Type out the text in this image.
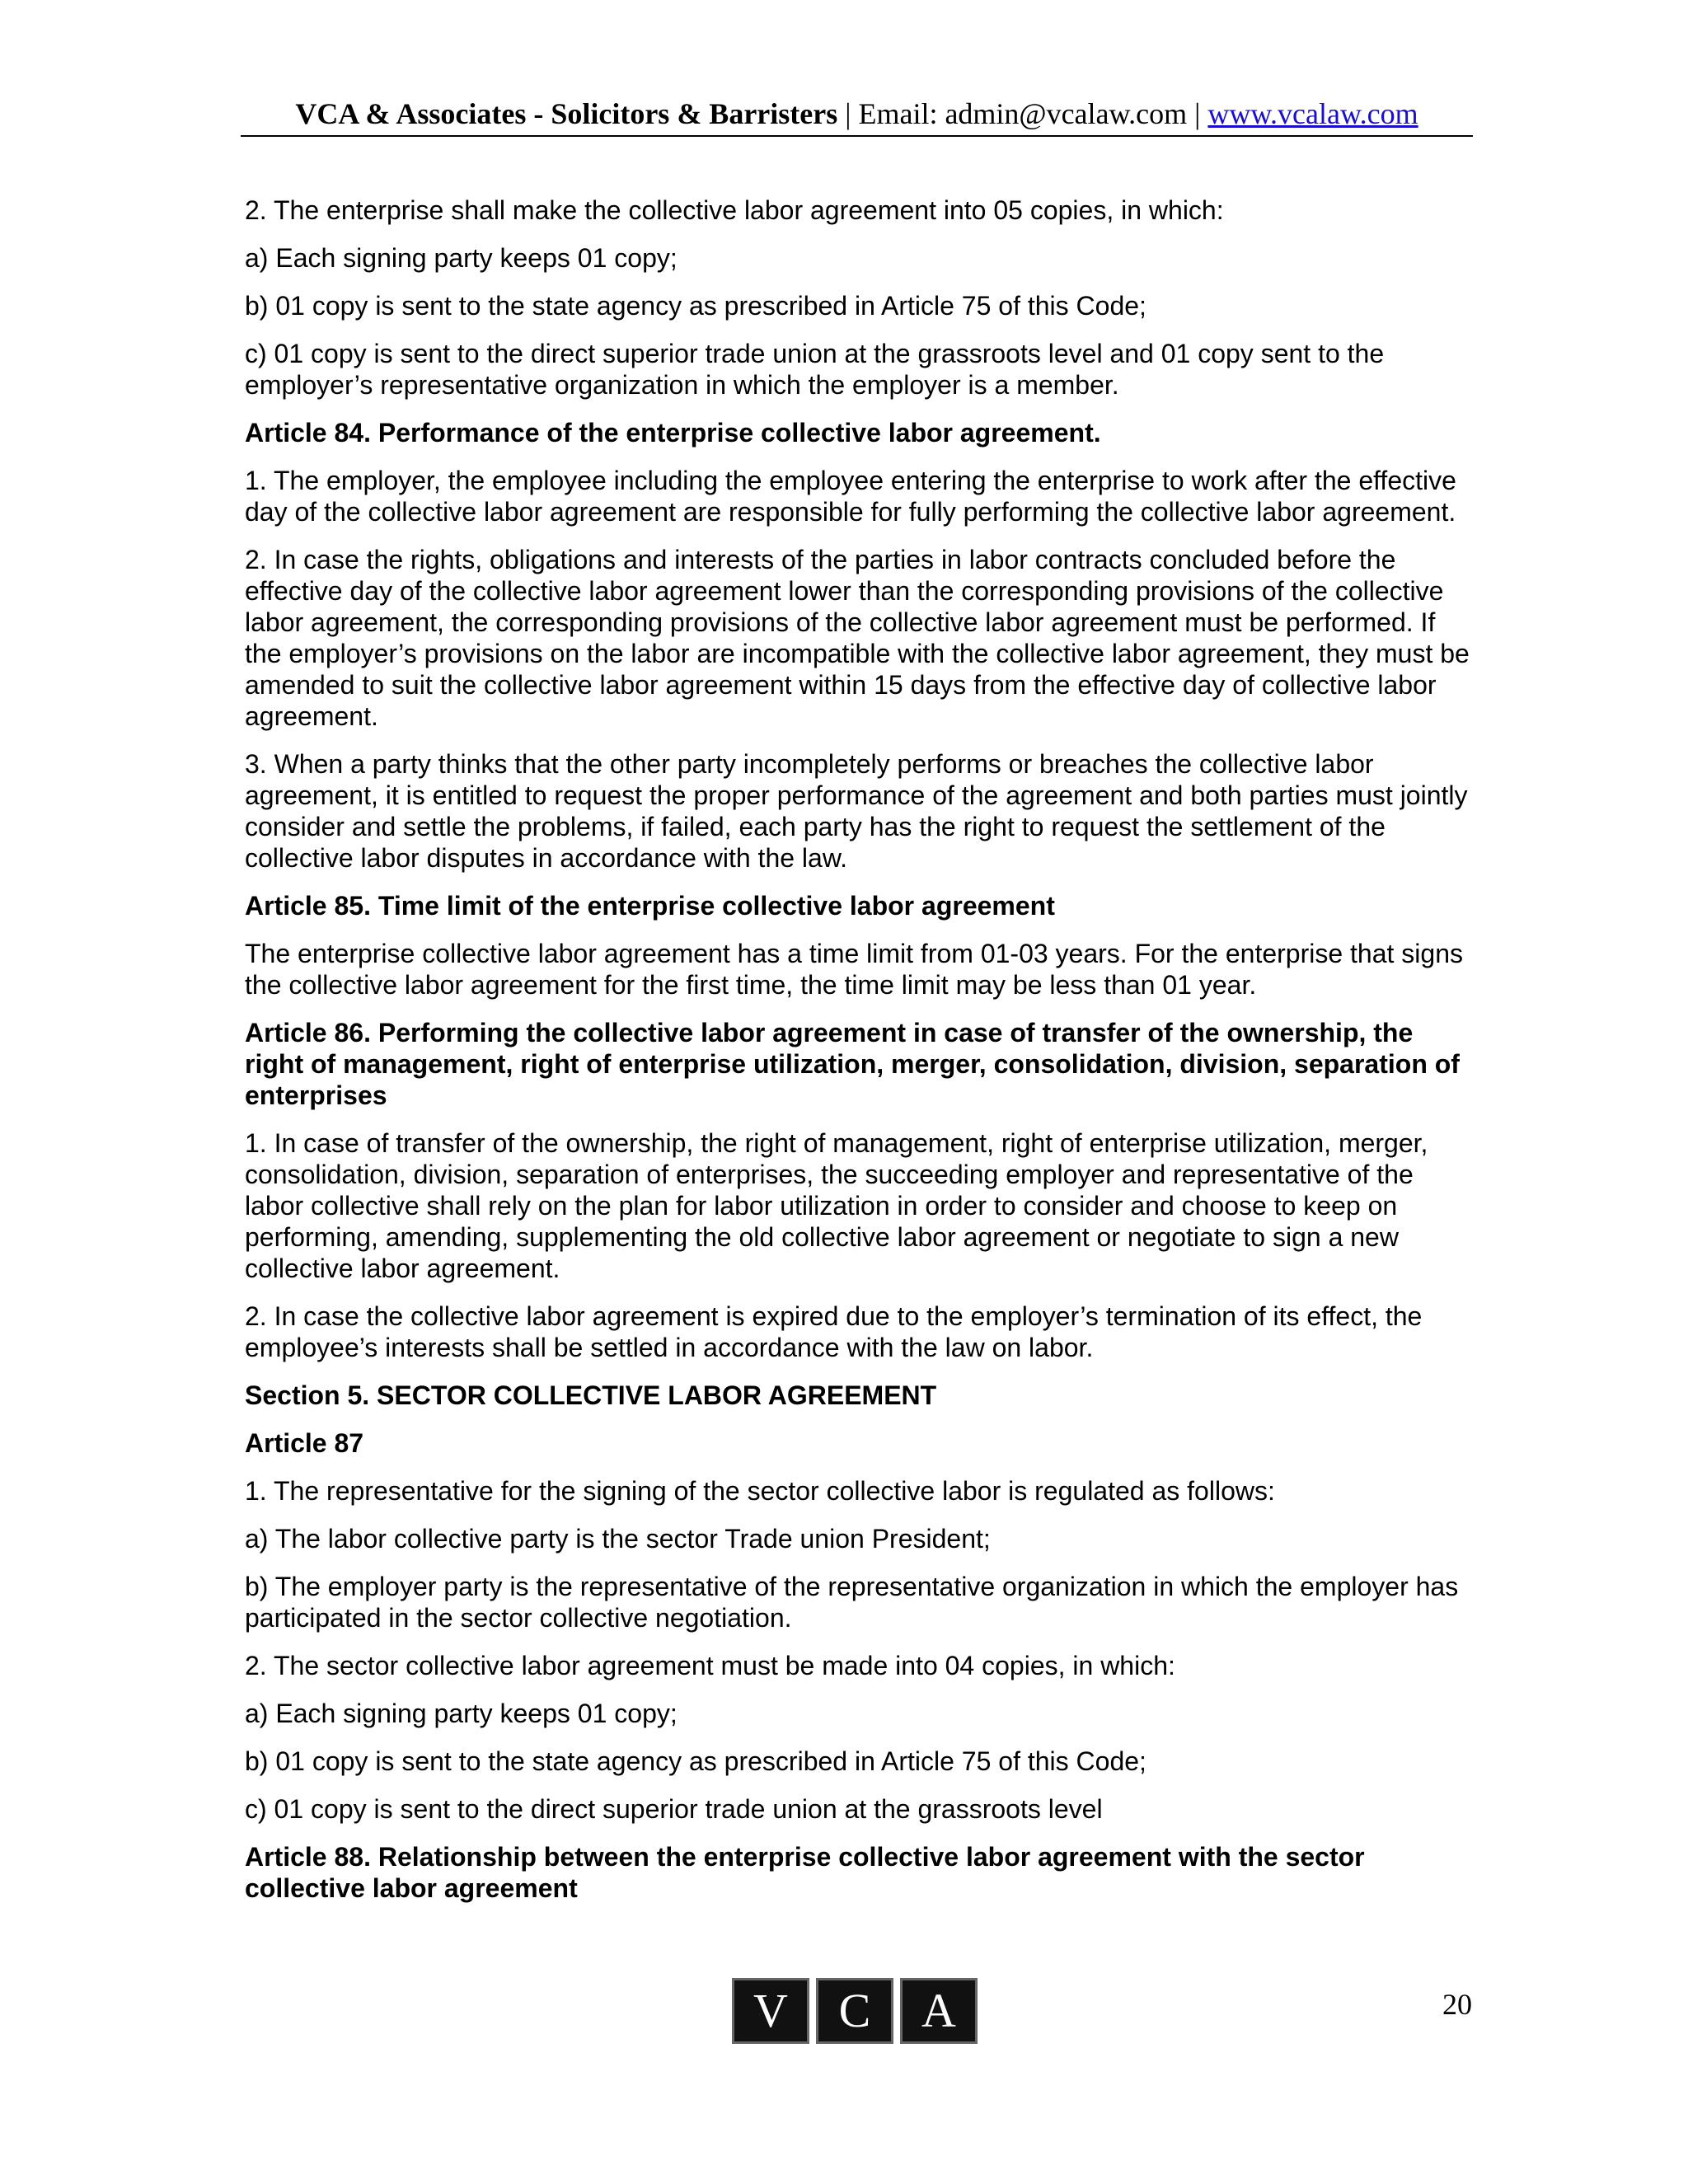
VCA & Associates - Solicitors & Barristers | Email: admin@vcalaw.com | www.vcalaw.com

2. The enterprise shall make the collective labor agreement into 05 copies, in which:

a) Each signing party keeps 01 copy;

b) 01 copy is sent to the state agency as prescribed in Article 75 of this Code;

c) 01 copy is sent to the direct superior trade union at the grassroots level and 01 copy sent to the employer’s representative organization in which the employer is a member.

Article 84. Performance of the enterprise collective labor agreement.

1. The employer, the employee including the employee entering the enterprise to work after the effective day of the collective labor agreement are responsible for fully performing the collective labor agreement.

2. In case the rights, obligations and interests of the parties in labor contracts concluded before the effective day of the collective labor agreement lower than the corresponding provisions of the collective labor agreement, the corresponding provisions of the collective labor agreement must be performed. If the employer’s provisions on the labor are incompatible with the collective labor agreement, they must be amended to suit the collective labor agreement within 15 days from the effective day of collective labor agreement.

3. When a party thinks that the other party incompletely performs or breaches the collective labor agreement, it is entitled to request the proper performance of the agreement and both parties must jointly consider and settle the problems, if failed, each party has the right to request the settlement of the collective labor disputes in accordance with the law.

Article 85. Time limit of the enterprise collective labor agreement

The enterprise collective labor agreement has a time limit from 01-03 years. For the enterprise that signs the collective labor agreement for the first time, the time limit may be less than 01 year.

Article 86. Performing the collective labor agreement in case of transfer of the ownership, the right of management, right of enterprise utilization, merger, consolidation, division, separation of enterprises

1. In case of transfer of the ownership, the right of management, right of enterprise utilization, merger, consolidation, division, separation of enterprises, the succeeding employer and representative of the labor collective shall rely on the plan for labor utilization in order to consider and choose to keep on performing, amending, supplementing the old collective labor agreement or negotiate to sign a new collective labor agreement.

2. In case the collective labor agreement is expired due to the employer’s termination of its effect, the employee’s interests shall be settled in accordance with the law on labor.

Section 5. SECTOR COLLECTIVE LABOR AGREEMENT

Article 87

1. The representative for the signing of the sector collective labor is regulated as follows:

a) The labor collective party is the sector Trade union President;

b) The employer party is the representative of the representative organization in which the employer has participated in the sector collective negotiation.

2. The sector collective labor agreement must be made into 04 copies, in which:

a) Each signing party keeps 01 copy;

b) 01 copy is sent to the state agency as prescribed in Article 75 of this Code;

c) 01 copy is sent to the direct superior trade union at the grassroots level

Article 88. Relationship between the enterprise collective labor agreement with the sector collective labor agreement

V	C	A	20
